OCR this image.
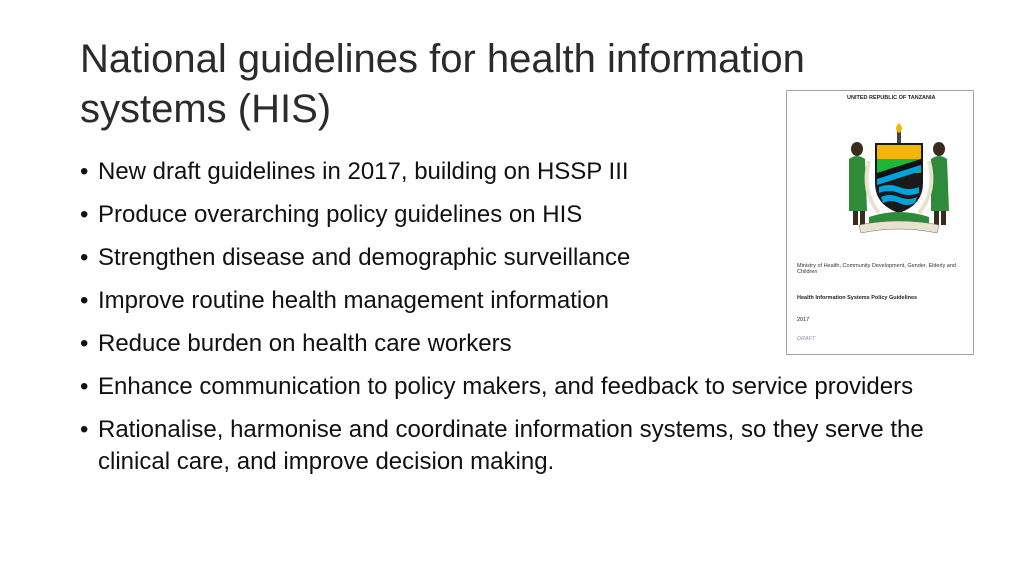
National guidelines for health information systems (HIS)
• New draft guidelines in 2017, building on HSSP III
• Produce overarching policy guidelines on HIS
• Strengthen disease and demographic surveillance
• Improve routine health management information
• Reduce burden on health care workers
• Enhance communication to policy makers, and feedback to service providers
• Rationalise, harmonise and coordinate information systems, so they serve the clinical care, and improve decision making.
UNITED REPUBLIC OF TANZANIA
Ministry of Health, Community Development, Gender, Elderly and Children
Health Information Systems Policy Guidelines
2017
DRAFT
